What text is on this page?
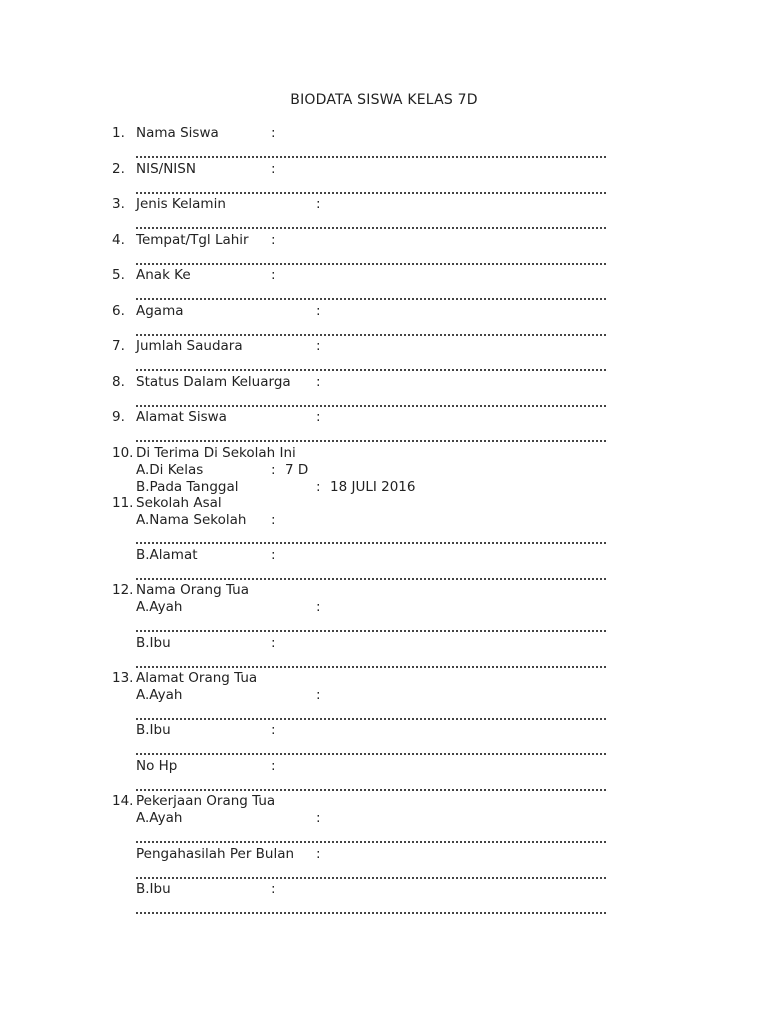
BIODATA SISWA KELAS 7D
1. Nama Siswa	:
2. NIS/NISN	:
3. Jenis Kelamin	:
4. Tempat/Tgl Lahir :
5. Anak Ke	:
6. Agama	:
7. Jumlah Saudara	:
8. Status Dalam Keluarga :
9. Alamat Siswa	:
10. Di Terima Di Sekolah Ini
A.Di Kelas	: 7 D
B.Pada Tanggal	: 18 JULI 2016
11. Sekolah Asal
A.Nama Sekolah :
B.Alamat	:
12. Nama Orang Tua
A.Ayah	:
B.Ibu	:
13. Alamat Orang Tua
A.Ayah	:
B.Ibu	:
No Hp	:
14. Pekerjaan Orang Tua
A.Ayah	:
Pengahasilah Per Bulan :
B.Ibu	:
